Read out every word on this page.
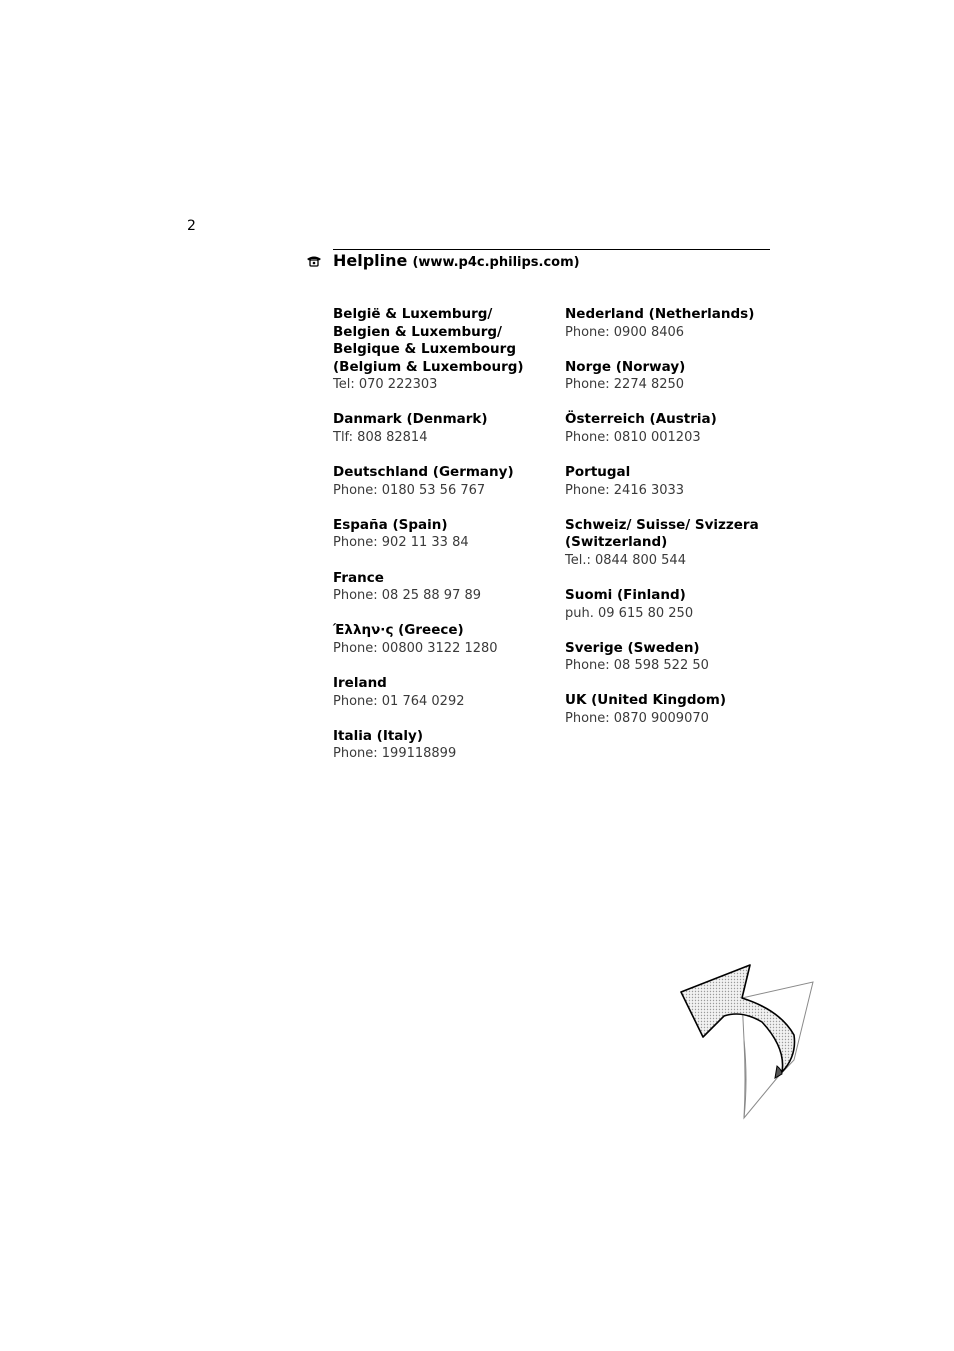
2
Helpline (www.p4c.philips.com)
België & Luxemburg/
Belgien & Luxemburg/
Belgique & Luxembourg
(Belgium & Luxembourg)
Tel: 070 222303
Danmark (Denmark)
Tlf: 808 82814
Deutschland (Germany)
Phone: 0180 53 56 767
España (Spain)
Phone: 902 11 33 84
France
Phone: 08 25 88 97 89
Έλλην·ς (Greece)
Phone: 00800 3122 1280
Ireland
Phone: 01 764 0292
Italia (Italy)
Phone: 199118899
Nederland (Netherlands)
Phone: 0900 8406
Norge (Norway)
Phone: 2274 8250
Österreich (Austria)
Phone: 0810 001203
Portugal
Phone: 2416 3033
Schweiz/ Suisse/ Svizzera
(Switzerland)
Tel.: 0844 800 544
Suomi (Finland)
puh. 09 615 80 250
Sverige (Sweden)
Phone: 08 598 522 50
UK (United Kingdom)
Phone: 0870 9009070
